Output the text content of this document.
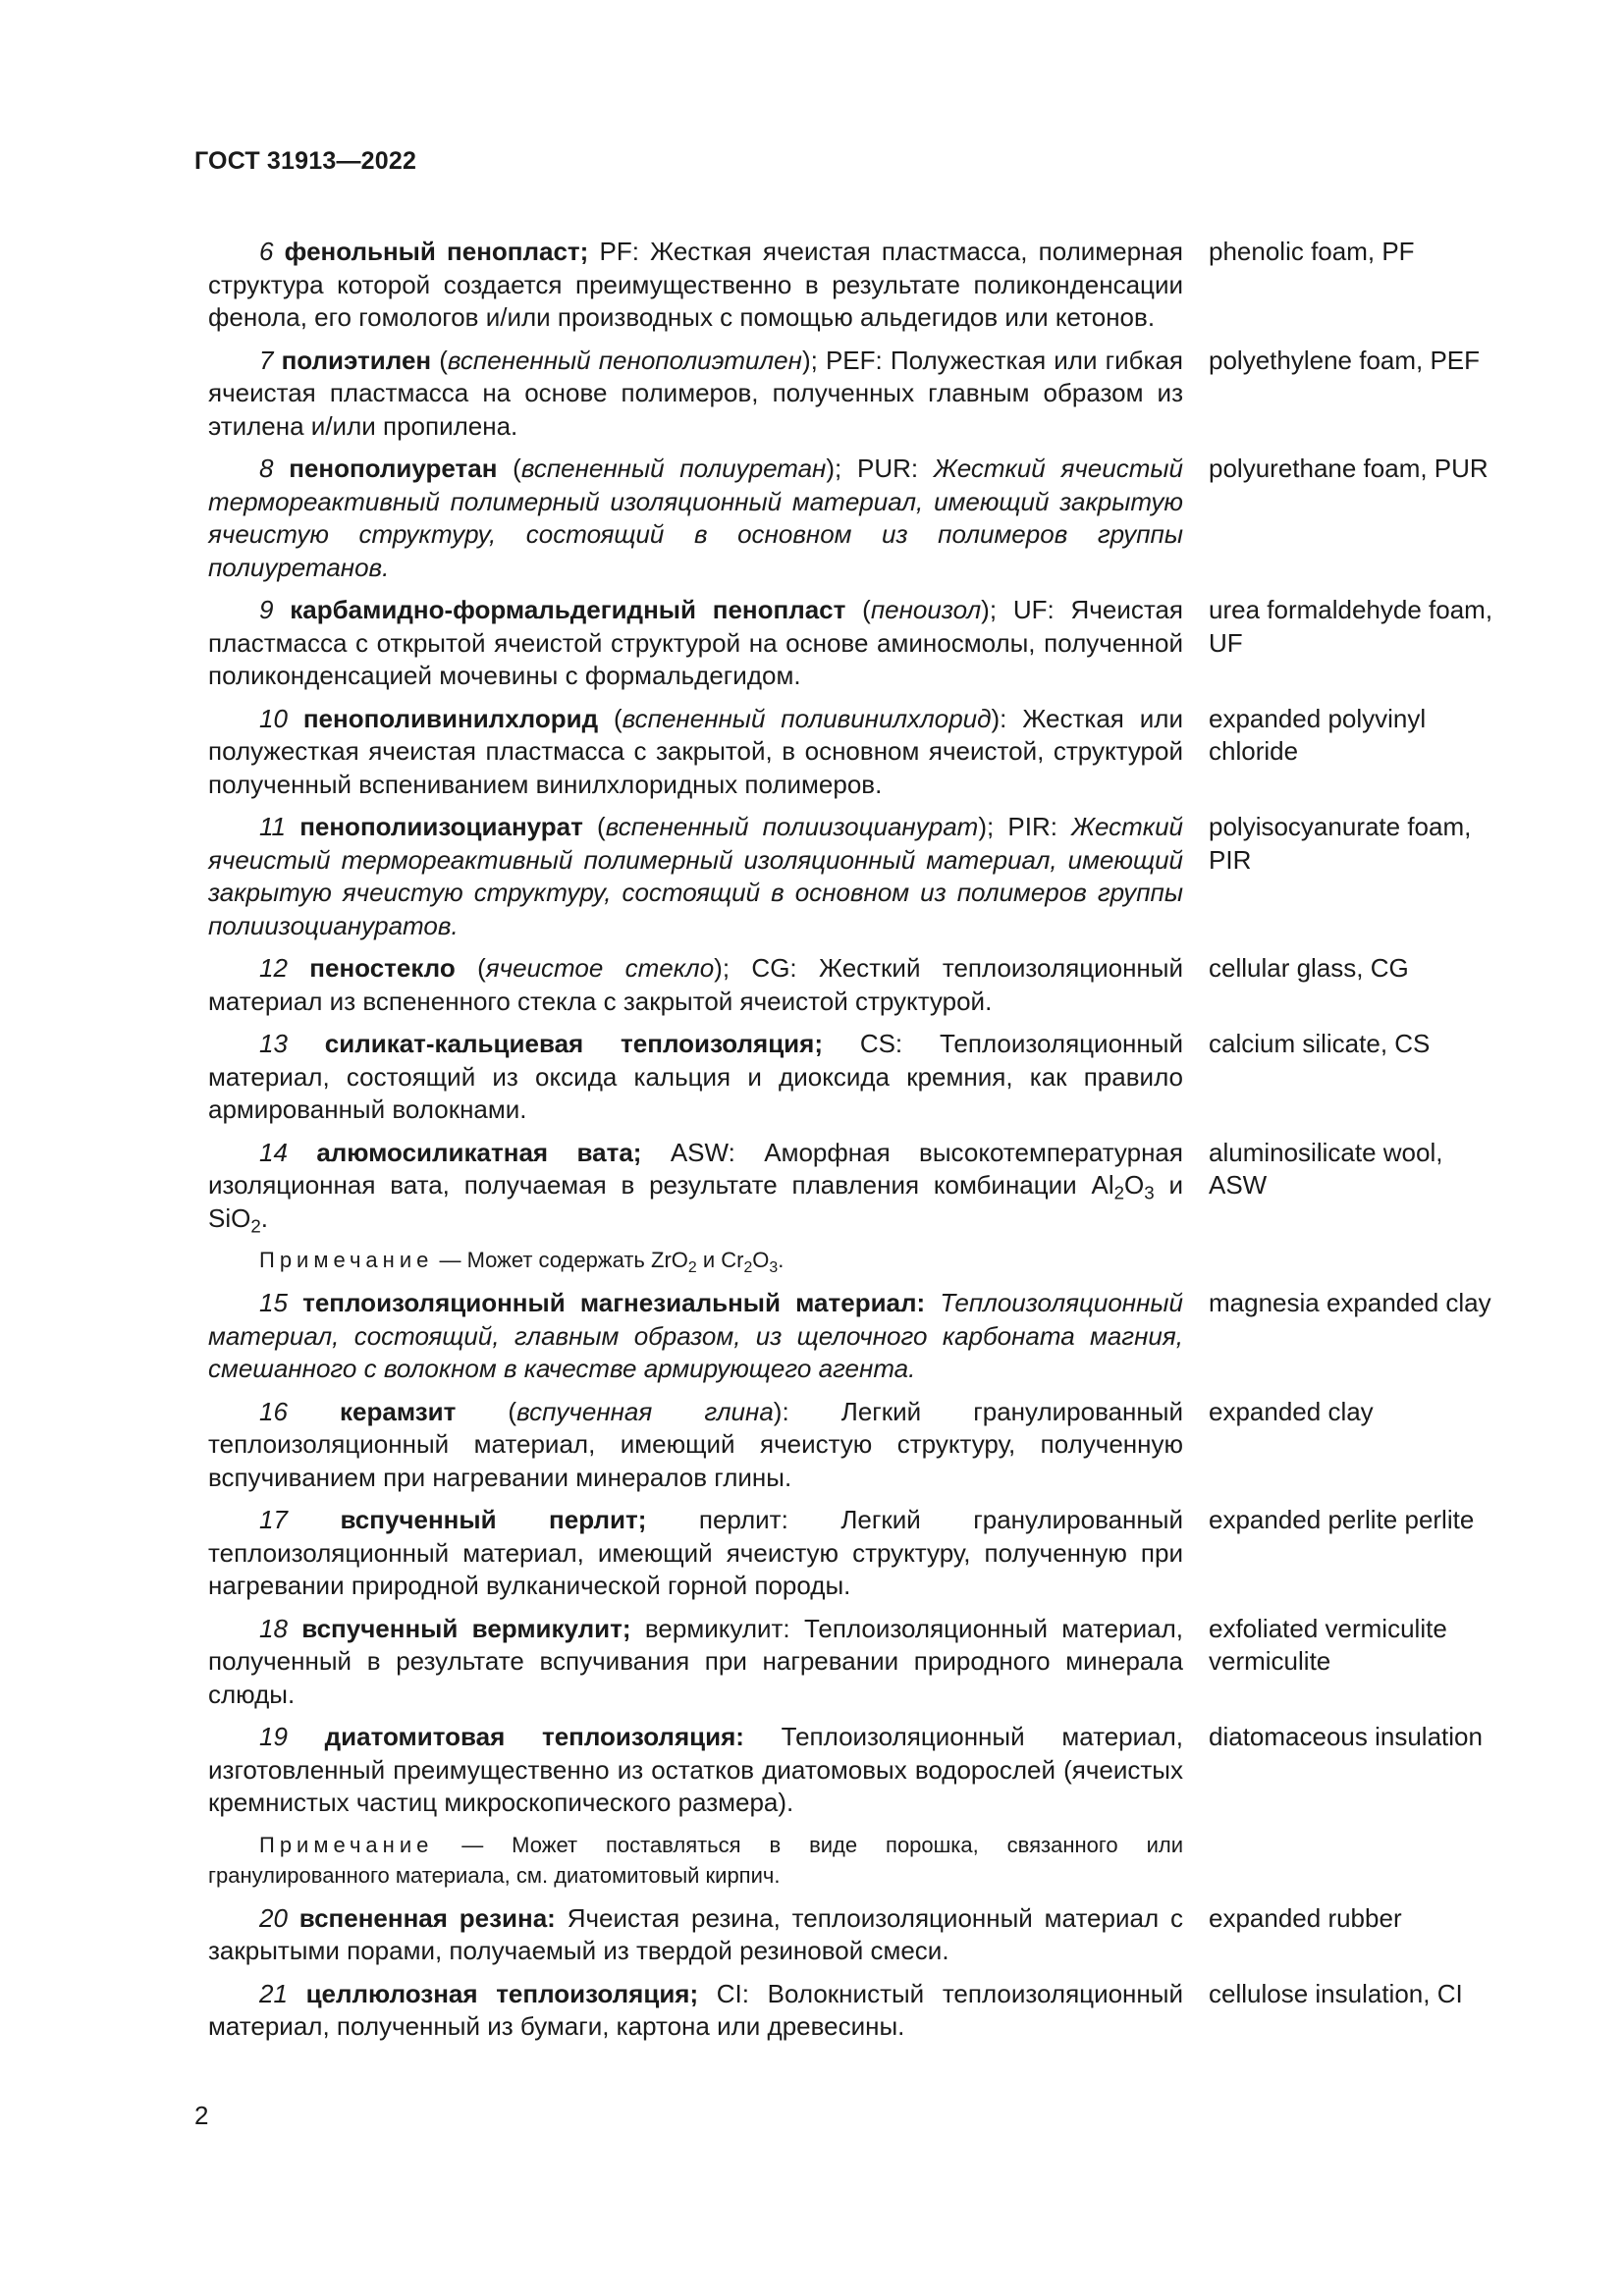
ГОСТ 31913—2022
6 фенольный пенопласт; PF: Жесткая ячеистая пластмасса, полимерная структура которой создается преимущественно в результате поликонденсации фенола, его гомологов и/или производных с помощью альдегидов или кетонов.
phenolic foam, PF
7 полиэтилен (вспененный пенополиэтилен); PEF: Полужесткая или гибкая ячеистая пластмасса на основе полимеров, полученных главным образом из этилена и/или пропилена.
polyethylene foam, PEF
8 пенополиуретан (вспененный полиуретан); PUR: Жесткий ячеистый термореактивный полимерный изоляционный материал, имеющий закрытую ячеистую структуру, состоящий в основном из полимеров группы полиуретанов.
polyurethane foam, PUR
9 карбамидно-формальдегидный пенопласт (пеноизол); UF: Ячеистая пластмасса с открытой ячеистой структурой на основе аминосмолы, полученной поликонденсацией мочевины с формальдегидом.
urea formaldehyde foam, UF
10 пенополивинилхлорид (вспененный поливинилхлорид): Жесткая или полужесткая ячеистая пластмасса с закрытой, в основном ячеистой, структурой полученный вспениванием винилхлоридных полимеров.
expanded polyvinyl chloride
11 пенополиизоцианурат (вспененный полиизоцианурат); PIR: Жесткий ячеистый термореактивный полимерный изоляционный материал, имеющий закрытую ячеистую структуру, состоящий в основном из полимеров группы полиизоциануратов.
polyisocyanurate foam, PIR
12 пеностекло (ячеистое стекло); CG: Жесткий теплоизоляционный материал из вспененного стекла с закрытой ячеистой структурой.
cellular glass, CG
13 силикат-кальциевая теплоизоляция; CS: Теплоизоляционный материал, состоящий из оксида кальция и диоксида кремния, как правило армированный волокнами.
calcium silicate, CS
14 алюмосиликатная вата; ASW: Аморфная высокотемпературная изоляционная вата, получаемая в результате плавления комбинации $Al_2O_3$ и SiO$_2$.
aluminosilicate wool, ASW
Примечание — Может содержать ZrO$_2$ и $Cr_2O_3$.
15 теплоизоляционный магнезиальный материал: Теплоизоляционный материал, состоящий, главным образом, из щелочного карбоната магния, смешанного с волокном в качестве армирующего агента.
magnesia expanded clay
16 керамзит (вспученная глина): Легкий гранулированный теплоизоляционный материал, имеющий ячеистую структуру, полученную вспучиванием при нагревании минералов глины.
expanded clay
17 вспученный перлит; перлит: Легкий гранулированный теплоизоляционный материал, имеющий ячеистую структуру, полученную при нагревании природной вулканической горной породы.
expanded perlite perlite
18 вспученный вермикулит; вермикулит: Теплоизоляционный материал, полученный в результате вспучивания при нагревании природного минерала слюды.
exfoliated vermiculite vermiculite
19 диатомитовая теплоизоляция: Теплоизоляционный материал, изготовленный преимущественно из остатков диатомовых водорослей (ячеистых кремнистых частиц микроскопического размера).
diatomaceous insulation
Примечание — Может поставляться в виде порошка, связанного или гранулированного материала, см. диатомитовый кирпич.
20 вспененная резина: Ячеистая резина, теплоизоляционный материал с закрытыми порами, получаемый из твердой резиновой смеси.
expanded rubber
21 целлюлозная теплоизоляция; CI: Волокнистый теплоизоляционный материал, полученный из бумаги, картона или древесины.
cellulose insulation, CI
2
